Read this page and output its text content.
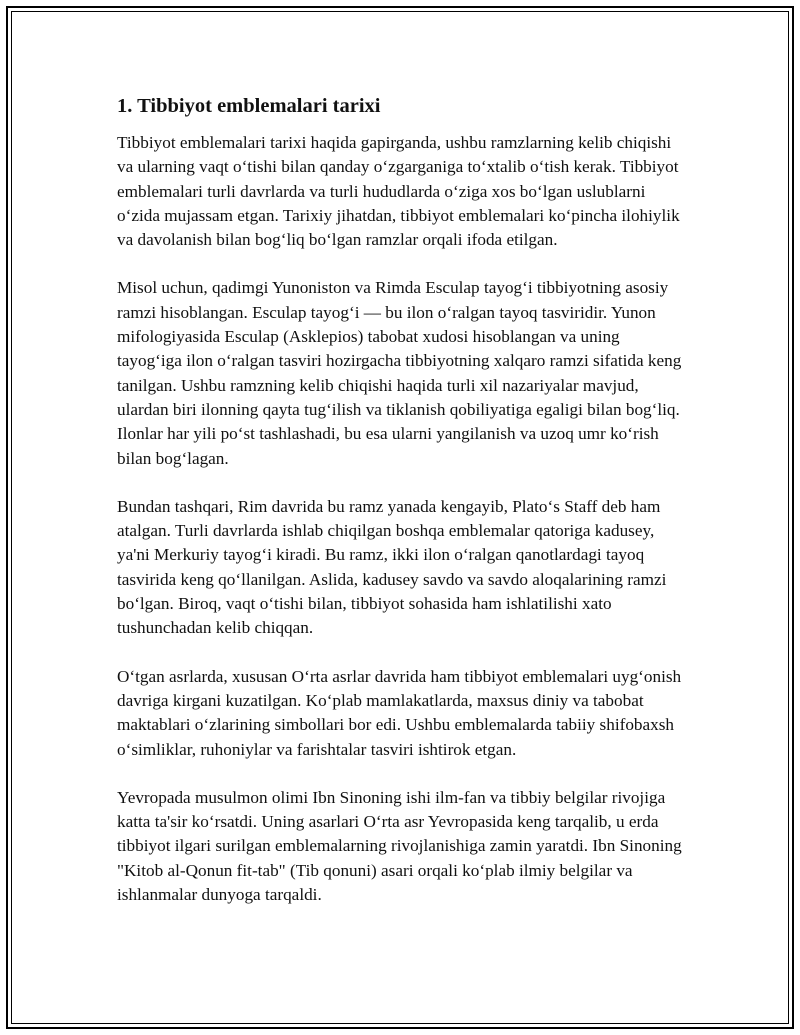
1. Tibbiyot emblemalari tarixi

Tibbiyot emblemalari tarixi haqida gapirganda, ushbu ramzlarning kelib chiqishi va ularning vaqt oʻtishi bilan qanday oʻzgarganiga toʻxtalib oʻtish kerak. Tibbiyot emblemalari turli davrlarda va turli hududlarda oʻziga xos boʻlgan uslublarni oʻzida mujassam etgan. Tarixiy jihatdan, tibbiyot emblemalari koʻpincha ilohiylik va davolanish bilan bogʻliq boʻlgan ramzlar orqali ifoda etilgan.

Misol uchun, qadimgi Yunoniston va Rimda Esculap tayogʻi tibbiyotning asosiy ramzi hisoblangan. Esculap tayogʻi — bu ilon oʻralgan tayoq tasviridir. Yunon mifologiyasida Esculap (Asklepios) tabobat xudosi hisoblangan va uning tayogʻiga ilon oʻralgan tasviri hozirgacha tibbiyotning xalqaro ramzi sifatida keng tanilgan. Ushbu ramzning kelib chiqishi haqida turli xil nazariyalar mavjud, ulardan biri ilonning qayta tugʻilish va tiklanish qobiliyatiga egaligi bilan bogʻliq. Ilonlar har yili poʻst tashlashadi, bu esa ularni yangilanish va uzoq umr koʻrish bilan bogʻlagan.

Bundan tashqari, Rim davrida bu ramz yanada kengayib, Platoʻs Staff deb ham atalgan. Turli davrlarda ishlab chiqilgan boshqa emblemalar qatoriga kadusey, ya'ni Merkuriy tayogʻi kiradi. Bu ramz, ikki ilon oʻralgan qanotlardagi tayoq tasvirida keng qoʻllanilgan. Aslida, kadusey savdo va savdo aloqalarining ramzi boʻlgan. Biroq, vaqt oʻtishi bilan, tibbiyot sohasida ham ishlatilishi xato tushunchadan kelib chiqqan.

Oʻtgan asrlarda, xususan Oʻrta asrlar davrida ham tibbiyot emblemalari uygʻonish davriga kirgani kuzatilgan. Koʻplab mamlakatlarda, maxsus diniy va tabobat maktablari oʻzlarining simbollari bor edi. Ushbu emblemalarda tabiiy shifobaxsh oʻsimliklar, ruhoniylar va farishtalar tasviri ishtirok etgan.

Yevropada musulmon olimi Ibn Sinoning ishi ilm-fan va tibbiy belgilar rivojiga katta ta'sir koʻrsatdi. Uning asarlari Oʻrta asr Yevropasida keng tarqalib, u erda tibbiyot ilgari surilgan emblemalarning rivojlanishiga zamin yaratdi. Ibn Sinoning "Kitob al-Qonun fit-tab" (Tib qonuni) asari orqali koʻplab ilmiy belgilar va ishlanmalar dunyoga tarqaldi.
